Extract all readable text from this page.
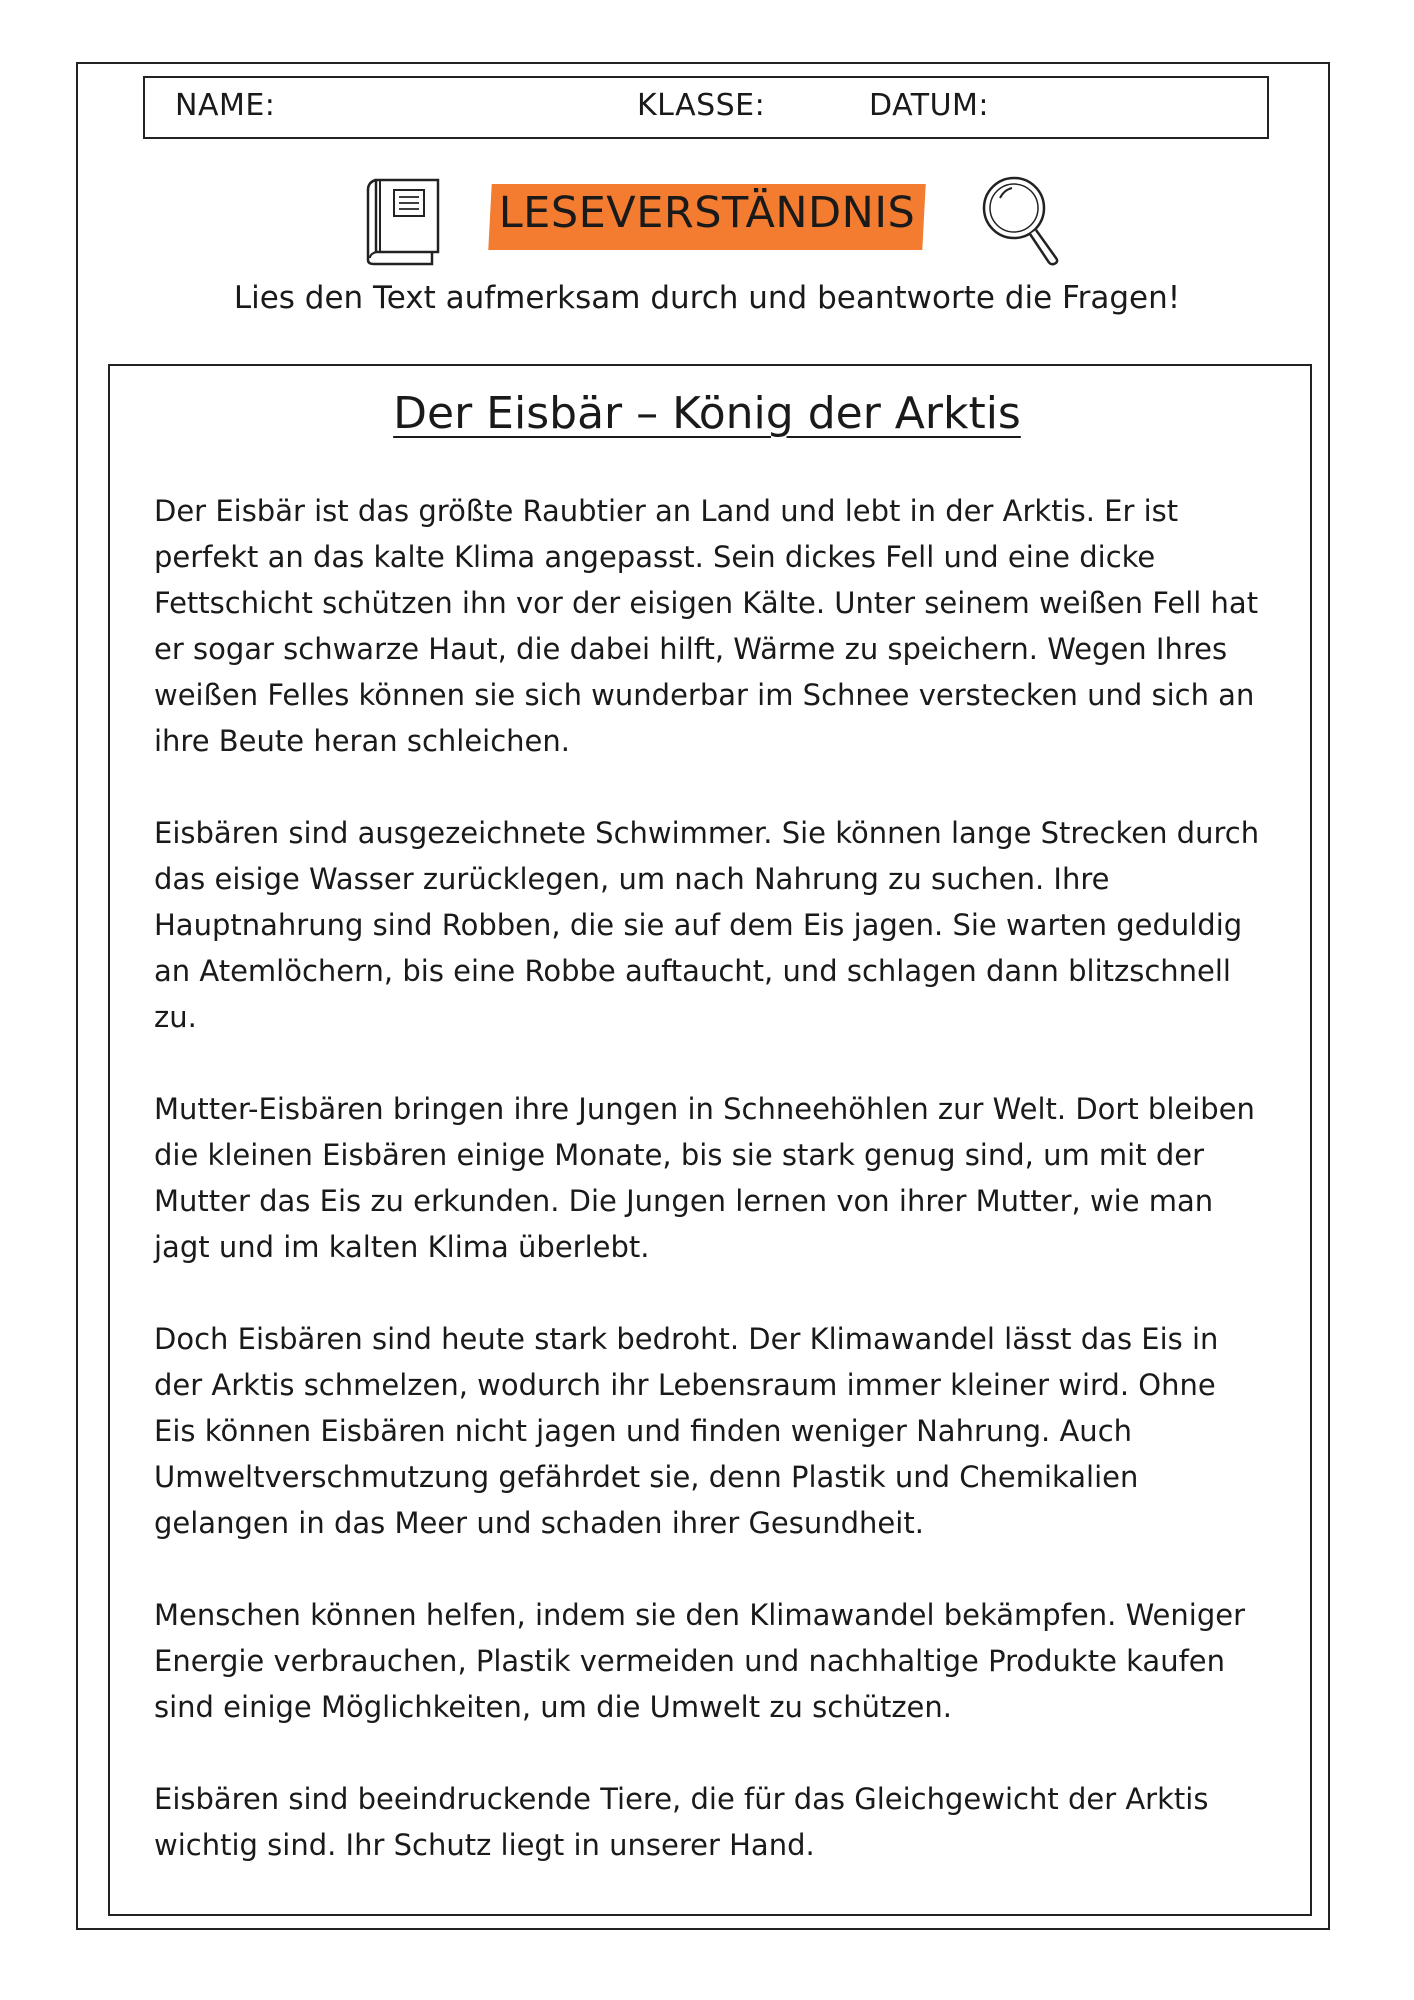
NAME:	KLASSE:	DATUM:
LESEVERSTÄNDNIS
Lies den Text aufmerksam durch und beantworte die Fragen!
Der Eisbär – König der Arktis

Der Eisbär ist das größte Raubtier an Land und lebt in der Arktis. Er ist perfekt an das kalte Klima angepasst. Sein dickes Fell und eine dicke Fettschicht schützen ihn vor der eisigen Kälte. Unter seinem weißen Fell hat er sogar schwarze Haut, die dabei hilft, Wärme zu speichern. Wegen Ihres weißen Felles können sie sich wunderbar im Schnee verstecken und sich an ihre Beute heran schleichen.

Eisbären sind ausgezeichnete Schwimmer. Sie können lange Strecken durch das eisige Wasser zurücklegen, um nach Nahrung zu suchen. Ihre Hauptnahrung sind Robben, die sie auf dem Eis jagen. Sie warten geduldig an Atemlöchern, bis eine Robbe auftaucht, und schlagen dann blitzschnell zu.

Mutter-Eisbären bringen ihre Jungen in Schneehöhlen zur Welt. Dort bleiben die kleinen Eisbären einige Monate, bis sie stark genug sind, um mit der Mutter das Eis zu erkunden. Die Jungen lernen von ihrer Mutter, wie man jagt und im kalten Klima überlebt.

Doch Eisbären sind heute stark bedroht. Der Klimawandel lässt das Eis in der Arktis schmelzen, wodurch ihr Lebensraum immer kleiner wird. Ohne Eis können Eisbären nicht jagen und finden weniger Nahrung. Auch Umweltverschmutzung gefährdet sie, denn Plastik und Chemikalien gelangen in das Meer und schaden ihrer Gesundheit.

Menschen können helfen, indem sie den Klimawandel bekämpfen. Weniger Energie verbrauchen, Plastik vermeiden und nachhaltige Produkte kaufen sind einige Möglichkeiten, um die Umwelt zu schützen.

Eisbären sind beeindruckende Tiere, die für das Gleichgewicht der Arktis wichtig sind. Ihr Schutz liegt in unserer Hand.
